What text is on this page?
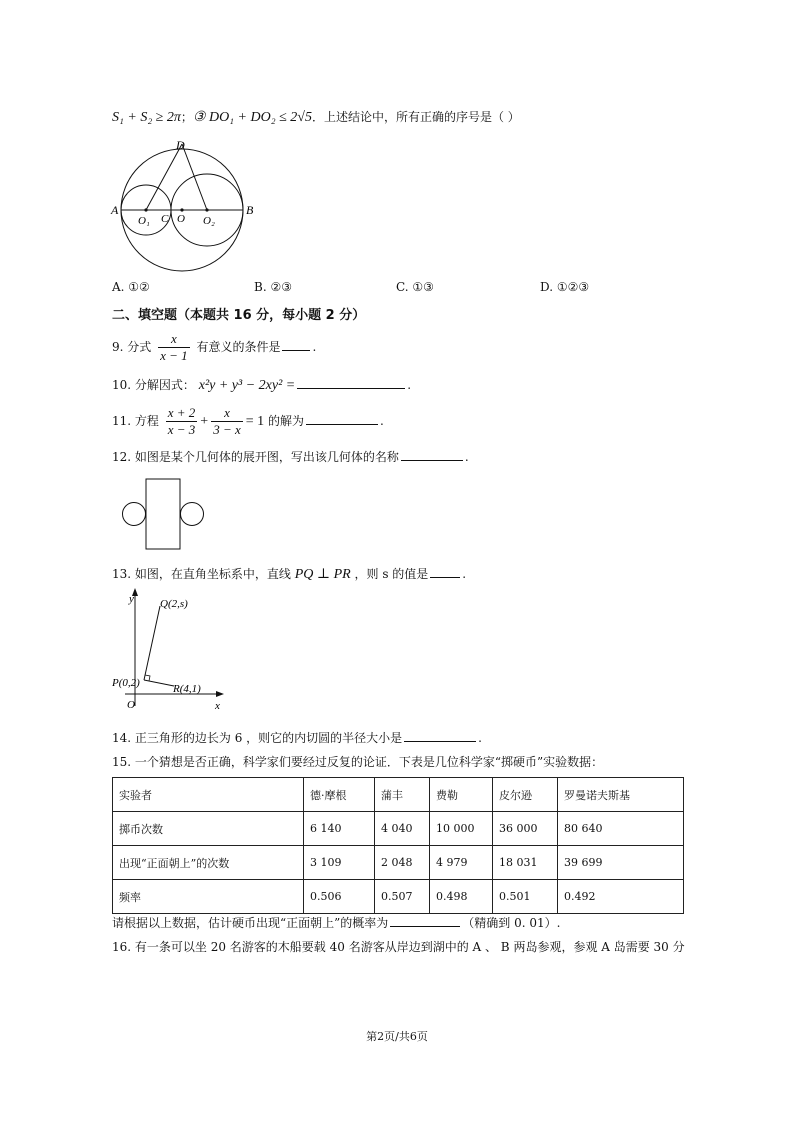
S₁ + S₂ ≥ 2π；③ DO₁ + DO₂ ≤ 2√5．上述结论中，所有正确的序号是（ ）
D
A	B
O₁ C O O₂
A. ①②	B. ②③	C. ①③	D. ①②③
二、填空题（本题共 16 分，每小题 2 分）
9. 分式 $\frac{x}{x - 1}$ 有意义的条件是	.
10. 分解因式： x²y + y³ − 2xy² =	.
11. 方程 $\frac{x + 2}{x - 3} + \frac{x}{3 - x} = 1$ 的解为	.
12. 如图是某个几何体的展开图，写出该几何体的名称	.
13. 如图，在直角坐标系中，直线 PQ ⊥ PR ，则 s 的值是	.
y
x
O
P(0,2)
Q(2,s)
R(4,1)
14. 正三角形的边长为 6 ，则它的内切圆的半径大小是	.
15. 一个猜想是否正确，科学家们要经过反复的论证．下表是几位科学家“掷硬币”实验数据：
实验者	德·摩根	蒲丰	费勒	皮尔逊	罗曼诺夫斯基
掷币次数	6 140	4 040	10 000	36 000	80 640
出现“正面朝上”的次数	3 109	2 048	4 979	18 031	39 699
频率	0.506	0.507	0.498	0.501	0.492
请根据以上数据，估计硬币出现“正面朝上”的概率为	（精确到 0. 01）.
16. 有一条可以坐 20 名游客的木船要载 40 名游客从岸边到湖中的 A 、 B 两岛参观，参观 A 岛需要 30 分
第2页/共6页
